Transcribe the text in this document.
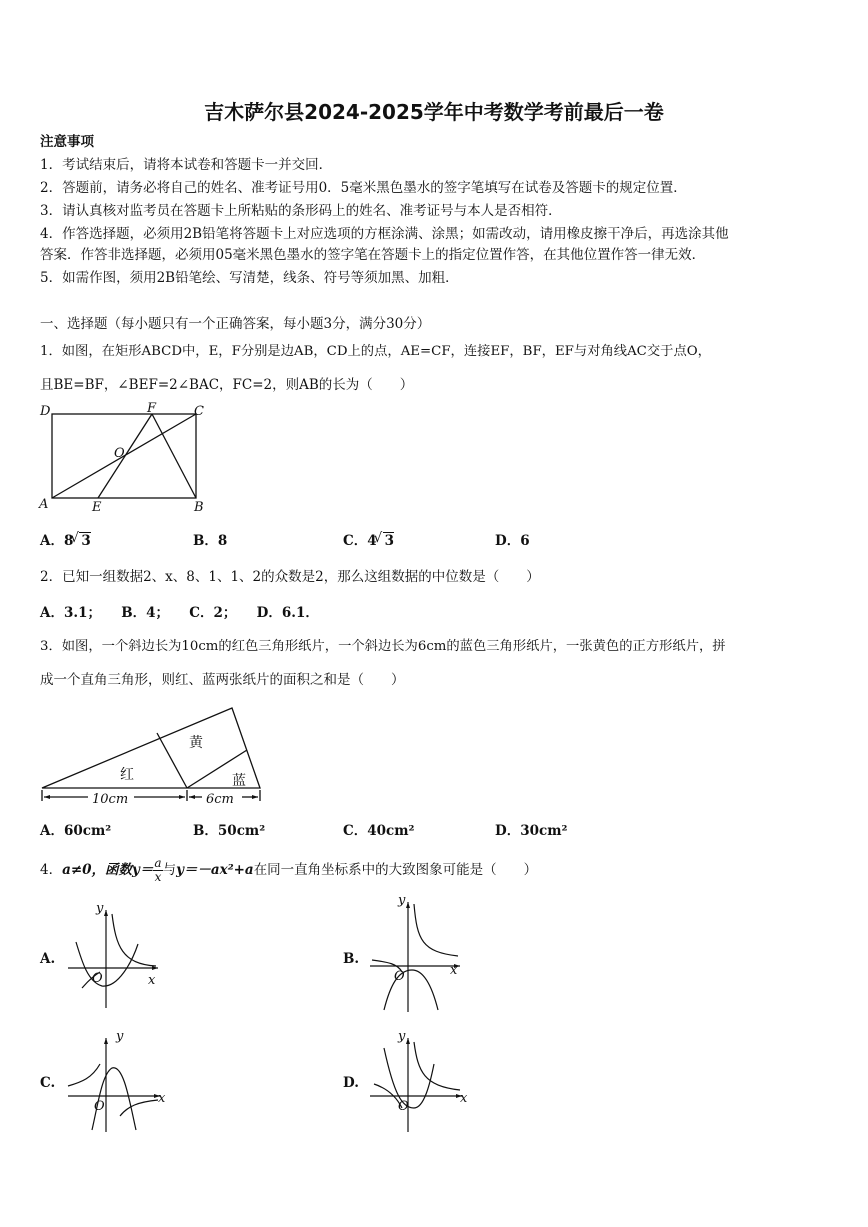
吉木萨尔县2024-2025学年中考数学考前最后一卷
注意事项
1．考试结束后，请将本试卷和答题卡一并交回．
2．答题前，请务必将自己的姓名、准考证号用0．5毫米黑色墨水的签字笔填写在试卷及答题卡的规定位置．
3．请认真核对监考员在答题卡上所粘贴的条形码上的姓名、准考证号与本人是否相符．
4．作答选择题，必须用2B铅笔将答题卡上对应选项的方框涂满、涂黑；如需改动，请用橡皮擦干净后，再选涂其他
答案．作答非选择题，必须用05毫米黑色墨水的签字笔在答题卡上的指定位置作答，在其他位置作答一律无效．
5．如需作图，须用2B铅笔绘、写清楚，线条、符号等须加黑、加粗．
一、选择题（每小题只有一个正确答案，每小题3分，满分30分）
1．如图，在矩形ABCD中，E，F分别是边AB，CD上的点，AE=CF，连接EF，BF，EF与对角线AC交于点O，
且BE=BF，∠BEF=2∠BAC，FC=2，则AB的长为（　　）
D	F	C
O
A	E	B
A．8
√ 3	B．8	C．4
√ 3	D．6
2．已知一组数据2、x、8、1、1、2的众数是2，那么这组数据的中位数是（　　）
A．3.1；　　B．4；　　C．2；　　D．6.1．
3．如图，一个斜边长为10cm的红色三角形纸片，一个斜边长为6cm的蓝色三角形纸片，一张黄色的正方形纸片，拼
成一个直角三角形，则红、蓝两张纸片的面积之和是（　　）
黄
红	蓝
10cm	6cm
A．60cm²	B．50cm²	C．40cm²	D．30cm²
4．a≠0，函数$y= \frac{a}{x}$ 与y＝－ax²+a在同一直角坐标系中的大致图象可能是（　　）
A.
y
x
O
B.
y
x
O
C.
y
x
O
D.
y
x
O
